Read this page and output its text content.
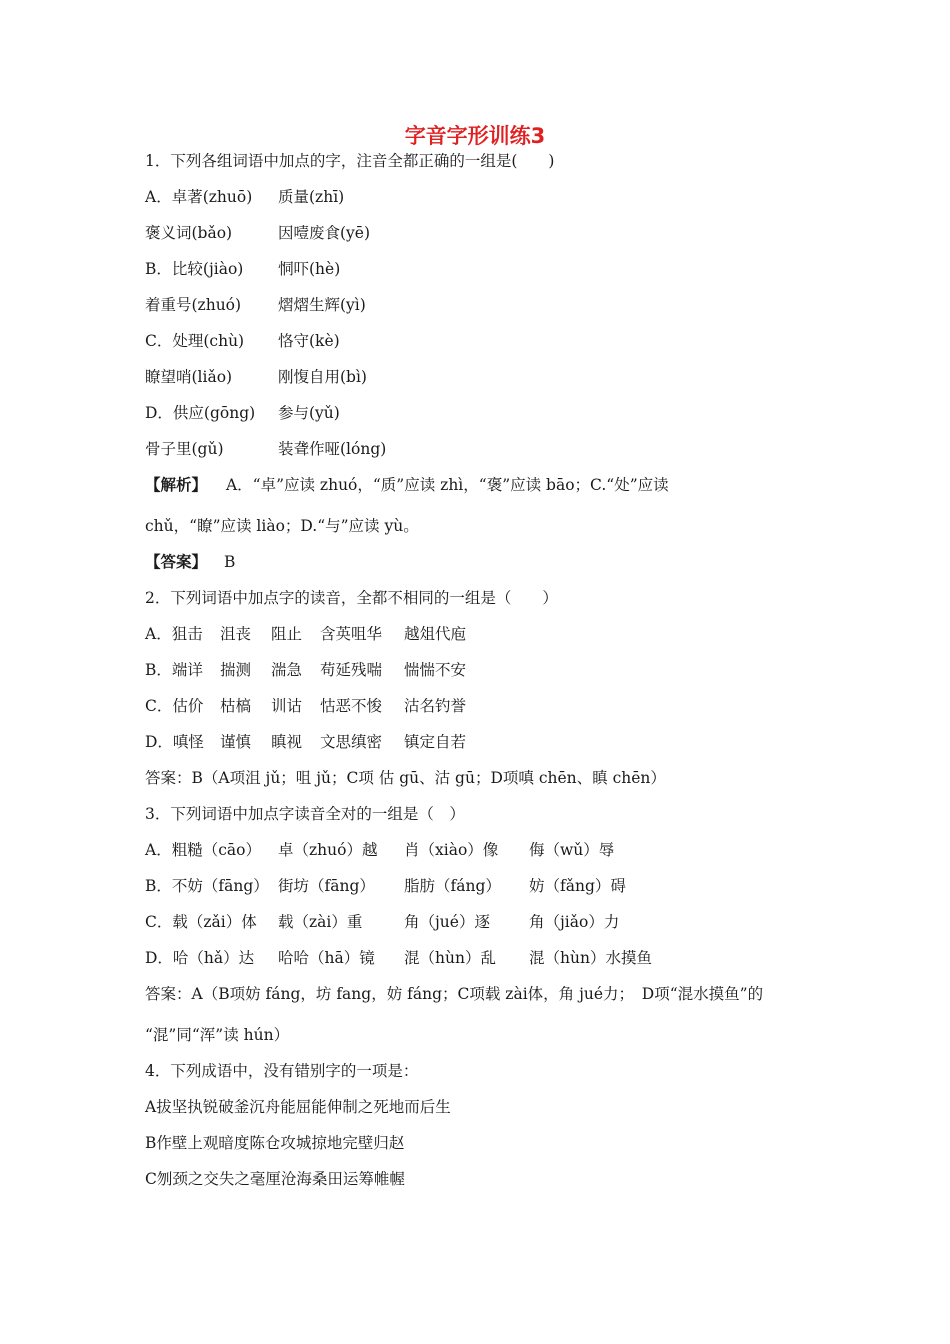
字音字形训练3
1．下列各组词语中加点的字，注音全都正确的一组是(　　)
A．卓著(zhuō) 质量(zhī)
褒义词(bǎo)	因噎废食(yē)
B．比较(jiào) 恫吓(hè)
着重号(zhuó) 熠熠生辉(yì)
C．处理(chù) 恪守(kè)
瞭望哨(liǎo)	刚愎自用(bì)
D．供应(gōng) 参与(yǔ)
骨子里(gǔ)	装聋作哑(lóng)
【解析】 A．“卓”应读 zhuó，“质”应读 zhì，“褒”应读 bāo；C.“处”应读
chǔ，“瞭”应读 liào；D.“与”应读 yù。
【答案】 B
2．下列词语中加点字的读音，全都不相同的一组是（　　）
A．狙击 沮丧 阻止 含英咀华 越俎代庖
B．端详 揣测 湍急 苟延残喘 惴惴不安
C．估价 枯槁 训诂 怙恶不悛 沽名钓誉
D．嗔怪 谨慎 瞋视 文思缜密 镇定自若
答案：B（A项沮 jǔ；咀 jǔ；C项 估 gū、沽 gū；D项嗔 chēn、瞋 chēn）
3．下列词语中加点字读音全对的一组是（　）
A．粗糙（cāo） 卓（zhuó）越 肖（xiào）像 侮（wǔ）辱
B．不妨（fāng） 街坊（fāng） 脂肪（fáng） 妨（fǎng）碍
C．载（zǎi）体 载（zài）重	角（jué）逐	角（jiǎo）力
D．哈（hǎ）达 哈哈（hā）镜 混（hùn）乱 混（hùn）水摸鱼
答案：A（B项妨 fáng，坊 fang，妨 fáng；C项载 zài体，角 jué力；　D项“混水摸鱼”的
“混”同“浑”读 hún）
4．下列成语中，没有错别字的一项是：
A拔坚执锐破釜沉舟能屈能伸制之死地而后生
B作壁上观暗度陈仓攻城掠地完壁归赵
C刎颈之交失之毫厘沧海桑田运筹帷幄
